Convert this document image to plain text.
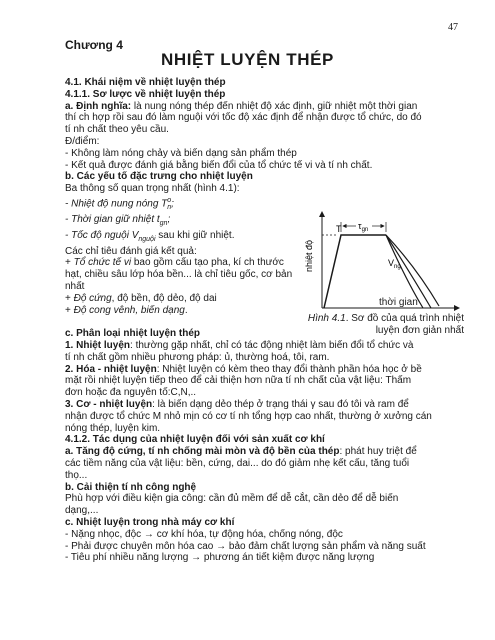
47
Chương 4
NHIỆT LUYỆN THÉP
4.1. Khái niệm về nhiệt luyện thép
4.1.1. Sơ lược về nhiệt luyện thép
a. Định nghĩa: là nung nóng thép đến nhiệt độ xác định, giữ nhiệt một thời gian
thí ch hợp rồi sau đó làm nguội với tốc độ xác định để nhận được tổ chức, do đó
tí nh chất theo yêu cầu.
Đ/điểm:
- Không làm nóng chảy và biến dạng sản phẩm thép
- Kết quả được đánh giá bằng biến đổi của tổ chức tế vi và tí nh chất.
b. Các yếu tố đặc trưng cho nhiệt luyện
Ba thông số quan trọng nhất (hình 4.1):
- Nhiệt độ nung nóng $T^o_n$;
- Thời gian giữ nhiệt $t_{gn}$;
- Tốc độ nguội $V_{nguội}$ sau khi giữ nhiệt.
Các chỉ tiêu đánh giá kết quả:
+ Tổ chức tế vi bao gồm cấu tạo pha, kí ch thước
hạt, chiều sâu lớp hóa bền... là chỉ tiêu gốc, cơ bản
nhất
+ Độ cứng, độ bền, độ dẻo, độ dai
+ Độ cong vênh, biến dạng.
c. Phân loại nhiệt luyện thép
1. Nhiệt luyện: thường gặp nhất, chỉ có tác động nhiệt làm biến đổi tổ chức và
tí nh chất gồm nhiều phương pháp: ủ, thường hoá, tôi, ram.
2. Hóa - nhiệt luyện: Nhiệt luyện có kèm theo thay đổi thành phần hóa học ở bề
mặt rồi nhiệt luyện tiếp theo để cải thiện hơn nữa tí nh chất của vật liệu: Thấm
đơn hoặc đa nguyên tố:C,N,..
3. Cơ - nhiệt luyện: là biến dạng dẻo thép ở trạng thái γ sau đó tôi và ram để
nhận được tổ chức M nhỏ mịn có cơ tí nh tổng hợp cao nhất, thường ở xưởng cán
nóng thép, luyện kim.
4.1.2. Tác dụng của nhiệt luyện đối với sản xuất cơ khí
a. Tăng độ cứng, tí nh chống mài mòn và độ bền của thép: phát huy triệt để
các tiềm năng của vật liệu: bền, cứng, dai... do đó giảm nhẹ kết cấu, tăng tuổi
thọ...
b. Cải thiện tí nh công nghệ
Phù hợp với điều kiện gia công: cần đủ mềm để dễ cắt, cần dẻo để dễ biến
dạng,...
c. Nhiệt luyện trong nhà máy cơ khí
- Nặng nhọc, độc → cơ khí hóa, tự động hóa, chống nóng, độc
- Phải được chuyên môn hóa cao → bảo đảm chất lượng sản phẩm và năng suất
- Tiêu phí nhiều năng lượng → phương án tiết kiệm được năng lượng
nhiệt độ
T $\tau_{gn}$
$V_{ng}$
thời gian
Hình 4.1. Sơ đồ của quá trình nhiệt
luyện đơn giản nhất
